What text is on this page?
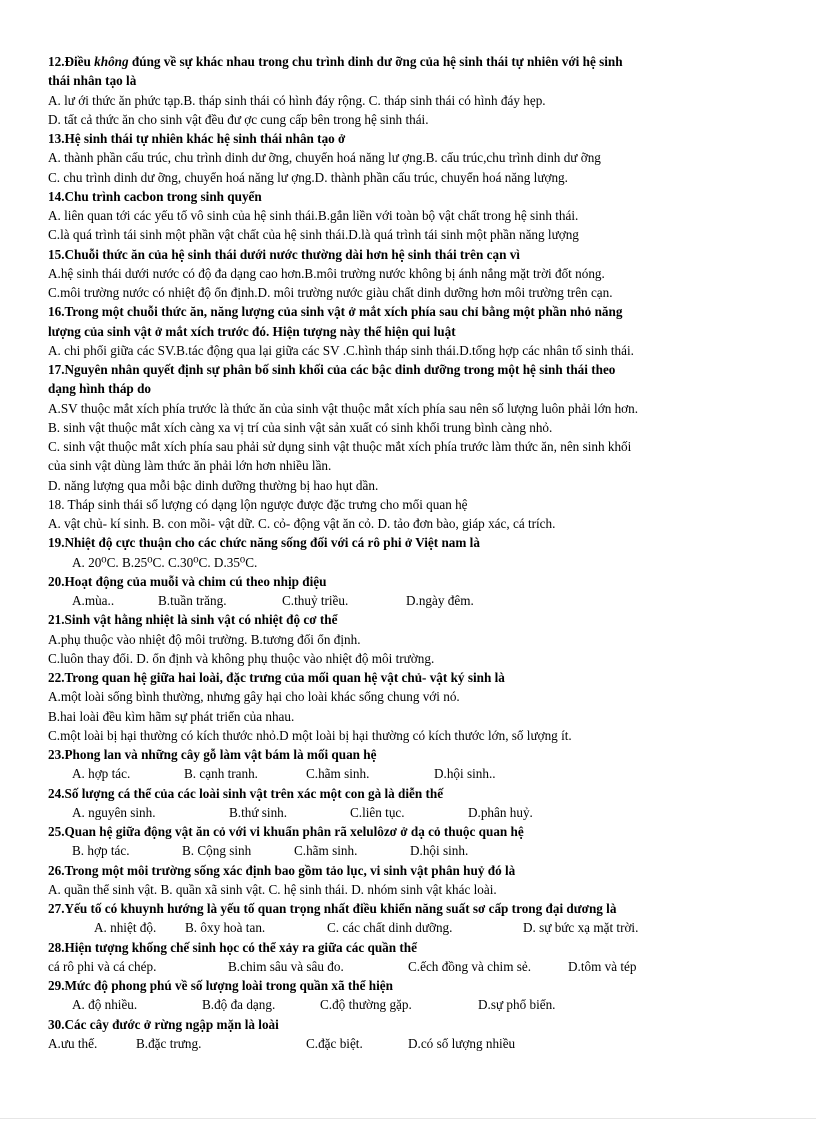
12.Điều không đúng về sự khác nhau trong chu trình dinh dư ỡng của hệ sinh thái tự nhiên với hệ sinh
thái nhân tạo là
A. lư ới thức ăn phức tạp.B. tháp sinh thái có hình đáy rộng. C. tháp sinh thái có hình đáy hẹp.
D. tất cả thức ăn cho sinh vật đều đư ợc cung cấp bên trong hệ sinh thái.
13.Hệ sinh thái tự nhiên khác hệ sinh thái nhân tạo ở
A. thành phần cấu trúc, chu trình dinh dư ỡng, chuyển hoá năng lư ợng.B. cấu trúc,chu trình dinh dư ỡng
C. chu trình dinh dư ỡng, chuyển hoá năng lư ợng.D. thành phần cấu trúc, chuyển hoá năng lượng.
14.Chu trình cacbon trong sinh quyển
A. liên quan tới các yếu tố vô sinh của hệ sinh thái.B.gắn liền với toàn bộ vật chất trong hệ sinh thái.
C.là quá trình tái sinh một phần vật chất của hệ sinh thái.D.là quá trình tái sinh một phần năng lượng
15.Chuỗi thức ăn của hệ sinh thái dưới nước thường dài hơn hệ sinh thái trên cạn vì
A.hệ sinh thái dưới nước có độ đa dạng cao hơn.B.môi trường nước không bị ánh nắng mặt trời đốt nóng.
C.môi trường nước có nhiệt độ ổn định.D. môi trường nước giàu chất dinh dưỡng hơn môi trường trên cạn.
16.Trong một chuỗi thức ăn, năng lượng của sinh vật ở mắt xích phía sau chỉ bằng một phần nhỏ năng
lượng của sinh vật ở mắt xích trước đó. Hiện tượng này thể hiện qui luật
A. chi phối giữa các SV.B.tác động qua lại giữa các SV .C.hình tháp sinh thái.D.tổng hợp các nhân tố sinh thái.
17.Nguyên nhân quyết định sự phân bố sinh khối của các bậc dinh dưỡng trong một hệ sinh thái theo
dạng hình tháp do
A.SV thuộc mắt xích phía trước là thức ăn của sinh vật thuộc mắt xích phía sau nên số lượng luôn phải lớn hơn.
B. sinh vật thuộc mắt xích càng xa vị trí của sinh vật sản xuất có sinh khối trung bình càng nhỏ.
C. sinh vật thuộc mắt xích phía sau phải sử dụng sinh vật thuộc mắt xích phía trước làm thức ăn, nên sinh khối
của sinh vật dùng làm thức ăn phải lớn hơn nhiều lần.
D. năng lượng qua mỗi bậc dinh dưỡng thường bị hao hụt dần.
18. Tháp sinh thái số lượng có dạng lộn ngược được đặc trưng cho mối quan hệ
A. vật chủ- kí sinh. B. con mồi- vật dữ. C. cỏ- động vật ăn cỏ. D. tảo đơn bào, giáp xác, cá trích.
19.Nhiệt độ cực thuận cho các chức năng sống đối với cá rô phi ở Việt nam là
A. 20⁰C. B.25⁰C. C.30⁰C. D.35⁰C.
20.Hoạt động của muỗi và chim cú theo nhịp điệu
A.mùa..	B.tuần trăng.	C.thuỷ triều.	D.ngày đêm.
21.Sinh vật hằng nhiệt là sinh vật có nhiệt độ cơ thể
A.phụ thuộc vào nhiệt độ môi trường. B.tương đối ổn định.
C.luôn thay đổi. D. ổn định và không phụ thuộc vào nhiệt độ môi trường.
22.Trong quan hệ giữa hai loài, đặc trưng của mối quan hệ vật chủ- vật ký sinh là
A.một loài sống bình thường, nhưng gây hại cho loài khác sống chung với nó.
B.hai loài đều kìm hãm sự phát triển của nhau.
C.một loài bị hại thường có kích thước nhỏ.D một loài bị hại thường có kích thước lớn, số lượng ít.
23.Phong lan và những cây gỗ làm vật bám là mối quan hệ
A. hợp tác.	B. cạnh tranh.	C.hãm sinh.	D.hội sinh..
24.Số lượng cá thể của các loài sinh vật trên xác một con gà là diễn thế
A. nguyên sinh.	B.thứ sinh.	C.liên tục.	D.phân huỷ.
25.Quan hệ giữa động vật ăn cỏ với vi khuẩn phân rã xelulôzơ ở dạ cỏ thuộc quan hệ
B. hợp tác.	B. Cộng sinh	C.hãm sinh.	D.hội sinh.
26.Trong một môi trường sống xác định bao gồm tảo lục, vi sinh vật phân huỷ đó là
A. quần thể sinh vật. B. quần xã sinh vật. C. hệ sinh thái. D. nhóm sinh vật khác loài.
27.Yếu tố có khuynh hướng là yếu tố quan trọng nhất điều khiển năng suất sơ cấp trong đại dương là
A. nhiệt độ. B. ôxy hoà tan.	C. các chất dinh dưỡng.	D. sự bức xạ mặt trời.
28.Hiện tượng khống chế sinh học có thể xảy ra giữa các quần thể
cá rô phi và cá chép.	B.chim sâu và sâu đo.	C.ếch đồng và chim sẻ.	D.tôm và tép
29.Mức độ phong phú về số lượng loài trong quần xã thể hiện
A. độ nhiều.	B.độ đa dạng.	C.độ thường gặp.	D.sự phổ biến.
30.Các cây đước ở rừng ngập mặn là loài
A.ưu thế.	B.đặc trưng.	C.đặc biệt.	D.có số lượng nhiều
